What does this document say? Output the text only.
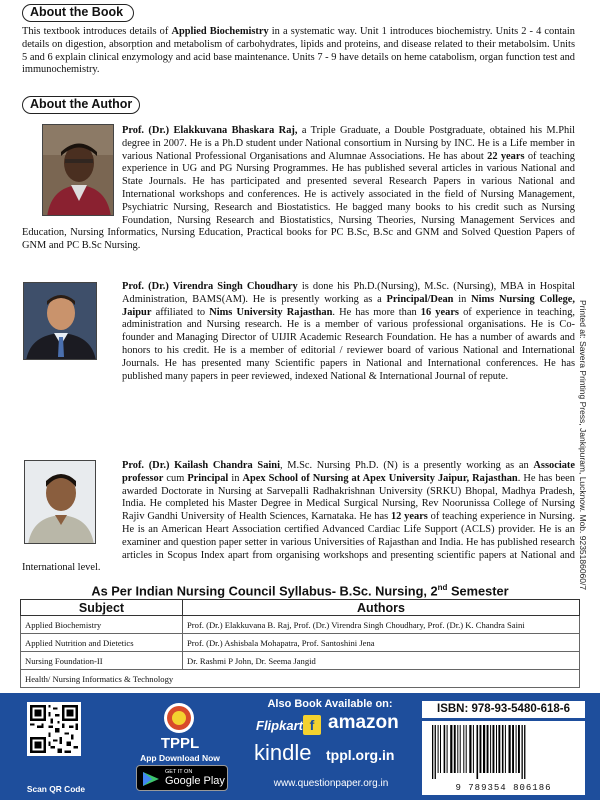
About the Book

This textbook introduces details of Applied Biochemistry in a systematic way. Unit 1 introduces biochemistry. Units 2 - 4 contain details on digestion, absorption and metabolism of carbohydrates, lipids and proteins, and disease related to their metabolsim. Units 5 and 6 explain clinical enzymology and acid base maintenance. Units 7 - 9 have details on heme catabolism, organ function test and immunochemistry.

About the Author

Prof. (Dr.) Elakkuvana Bhaskara Raj, a Triple Graduate, a Double Postgraduate, obtained his M.Phil degree in 2007. He is a Ph.D student under National consortium in Nursing by INC. He is a Life member in various National Professional Organisations and Alumnae Associations. He has about 22 years of teaching experience in UG and PG Nursing Programmes. He has published several articles in various National and State Journals. He has participated and presented several Research Papers in various National and International workshops and conferences. He is actively associated in the field of Nursing Management, Psychiatric Nursing, Research and Biostatistics. He bagged many books to his credit such as Nursing Foundation, Nursing Research and Biostatistics, Nursing Theories, Nursing Management Services and Education, Nursing Informatics, Nursing Education, Practical books for PC B.Sc, B.Sc and GNM and Solved Question Papers of GNM and PC B.Sc Nursing.

Printed at: Savera Printing Press, Jankipuram, Lucknow. Mob. 9235186060/7
As Per Indian Nursing Council Syllabus- B.Sc. Nursing, 2nd Semester
Subject	Authors
Applied Biochemistry	Prof. (Dr.) Elakkuvana B. Raj, Prof. (Dr.) Virendra Singh Choudhary, Prof. (Dr.) K. Chandra Saini
Applied Nutrition and Dietetics	Prof. (Dr.) Ashisbala Mohapatra, Prof. Santoshini Jena
Nursing Foundation-II	Dr. Rashmi P John, Dr. Seema Jangid
Health/ Nursing Informatics & Technology	
Scan QR Code
TPPL
App Download Now
GET IT ON
Google Play
Also Book Available on:
Flipkart f amazon
kindle tppl.org.in
www.questionpaper.org.in
ISBN: 978-93-5480-618-6
9 789354 806186

Prof. (Dr.) Virendra Singh Choudhary is done his Ph.D.(Nursing), M.Sc. (Nursing), MBA in Hospital Administration, BAMS(AM). He is presently working as a Principal/Dean in Nims Nursing College, Jaipur affiliated to Nims University Rajasthan. He has more than 16 years of experience in teaching, administration and Nursing research. He is a member of various professional organisations. He is Co-founder and Managing Director of UIJIR Academic Research Foundation. He has a number of awards and honors to his credit. He is a member of editorial / reviewer board of various National and International Journals. He has presented many Scientific papers in National and International conferences. He has published many papers in peer reviewed, indexed National & International Journal of repute.

Prof. (Dr.) Kailash Chandra Saini, M.Sc. Nursing Ph.D. (N) is a presently working as an Associate professor cum Principal in Apex School of Nursing at Apex University Jaipur, Rajasthan. He has been awarded Doctorate in Nursing at Sarvepalli Radhakrishnan University (SRKU) Bhopal, Madhya Pradesh, India. He completed his Master Degree in Medical Surgical Nursing, Rev Noorunissa College of Nursing Rajiv Gandhi University of Health Sciences, Karnataka. He has 12 years of teaching experience in Nursing. He is an American Heart Association certified Advanced Cardiac Life Support (ACLS) provider. He is an examiner and question paper setter in various Universities of Rajasthan and India. He has published research articles in Scopus Index apart from organising workshops and presenting scientific papers at National and International level.
